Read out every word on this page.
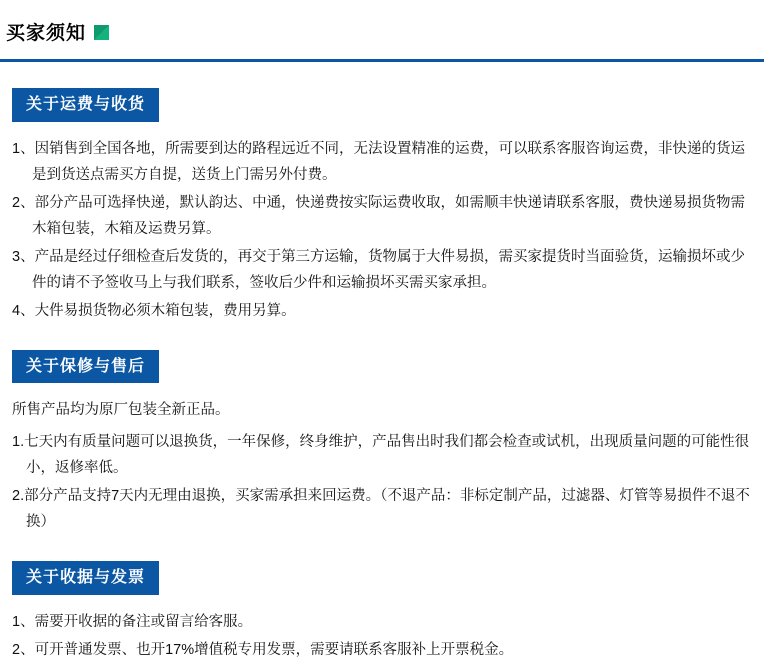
买家须知
关于运费与收货

1、因销售到全国各地，所需要到达的路程远近不同，无法设置精准的运费，可以联系客服咨询运费，非快递的货运是到货送点需买方自提，送货上门需另外付费。

2、部分产品可选择快递，默认韵达、中通，快递费按实际运费收取，如需顺丰快递请联系客服，费快递易损货物需木箱包装，木箱及运费另算。

3、产品是经过仔细检查后发货的，再交于第三方运输，货物属于大件易损，需买家提货时当面验货，运输损坏或少件的请不予签收马上与我们联系，签收后少件和运输损坏买需买家承担。

4、大件易损货物必须木箱包装，费用另算。

关于保修与售后

所售产品均为原厂包装全新正品。

1.七天内有质量问题可以退换货，一年保修，终身维护，产品售出时我们都会检查或试机，出现质量问题的可能性很小，返修率低。

2.部分产品支持7天内无理由退换，买家需承担来回运费。（不退产品：非标定制产品，过滤器、灯管等易损件不退不换）

关于收据与发票

1、需要开收据的备注或留言给客服。

2、可开普通发票、也开17%增值税专用发票，需要请联系客服补上开票税金。
